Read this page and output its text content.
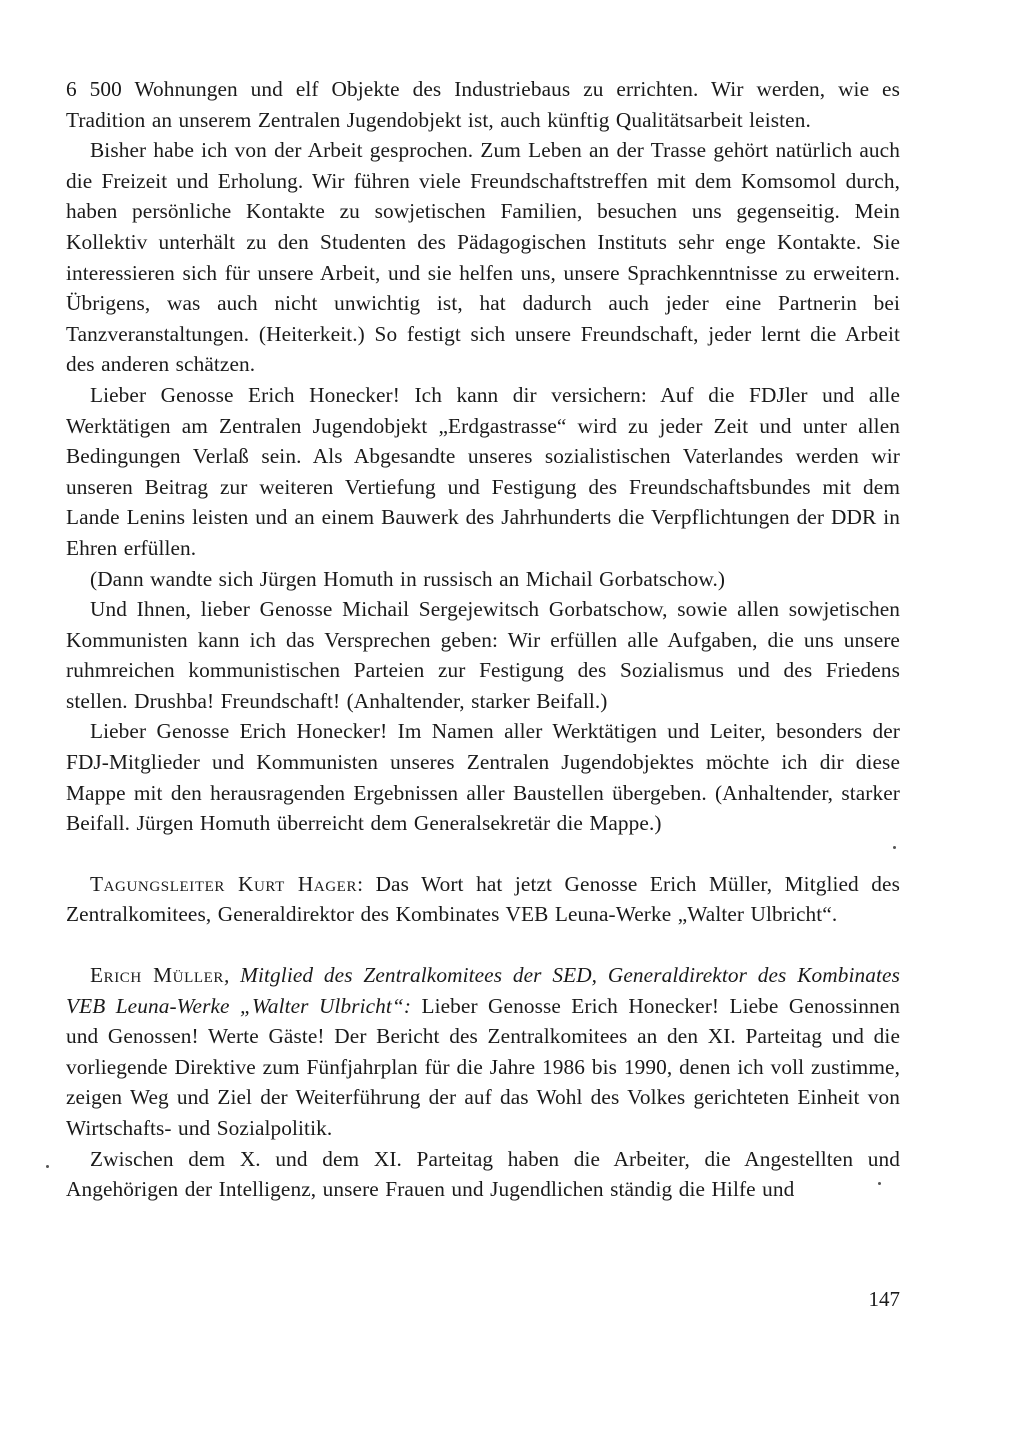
6 500 Wohnungen und elf Objekte des Industriebaus zu errichten. Wir werden, wie es Tradition an unserem Zentralen Jugendobjekt ist, auch künftig Qualitätsarbeit leisten.

Bisher habe ich von der Arbeit gesprochen. Zum Leben an der Trasse gehört natürlich auch die Freizeit und Erholung. Wir führen viele Freundschaftstreffen mit dem Komsomol durch, haben persönliche Kontakte zu sowjetischen Familien, besuchen uns gegenseitig. Mein Kollektiv unterhält zu den Studenten des Pädagogischen Instituts sehr enge Kontakte. Sie interessieren sich für unsere Arbeit, und sie helfen uns, unsere Sprachkenntnisse zu erweitern. Übrigens, was auch nicht unwichtig ist, hat dadurch auch jeder eine Partnerin bei Tanzveranstaltungen. (Heiterkeit.) So festigt sich unsere Freundschaft, jeder lernt die Arbeit des anderen schätzen.

Lieber Genosse Erich Honecker! Ich kann dir versichern: Auf die FDJler und alle Werktätigen am Zentralen Jugendobjekt „Erdgastrasse“ wird zu jeder Zeit und unter allen Bedingungen Verlaß sein. Als Abgesandte unseres sozialistischen Vaterlandes werden wir unseren Beitrag zur weiteren Vertiefung und Festigung des Freundschaftsbundes mit dem Lande Lenins leisten und an einem Bauwerk des Jahrhunderts die Verpflichtungen der DDR in Ehren erfüllen.

(Dann wandte sich Jürgen Homuth in russisch an Michail Gorbatschow.)

Und Ihnen, lieber Genosse Michail Sergejewitsch Gorbatschow, sowie allen sowjetischen Kommunisten kann ich das Versprechen geben: Wir erfüllen alle Aufgaben, die uns unsere ruhmreichen kommunistischen Parteien zur Festigung des Sozialismus und des Friedens stellen. Drushba! Freundschaft! (Anhaltender, starker Beifall.)

Lieber Genosse Erich Honecker! Im Namen aller Werktätigen und Leiter, besonders der FDJ-Mitglieder und Kommunisten unseres Zentralen Jugendobjektes möchte ich dir diese Mappe mit den herausragenden Ergebnissen aller Baustellen übergeben. (Anhaltender, starker Beifall. Jürgen Homuth überreicht dem Generalsekretär die Mappe.)

Tagungsleiter Kurt Hager: Das Wort hat jetzt Genosse Erich Müller, Mitglied des Zentralkomitees, Generaldirektor des Kombinates VEB Leuna-Werke „Walter Ulbricht“.

Erich Müller, Mitglied des Zentralkomitees der SED, Generaldirektor des Kombinates VEB Leuna-Werke „Walter Ulbricht“: Lieber Genosse Erich Honecker! Liebe Genossinnen und Genossen! Werte Gäste! Der Bericht des Zentralkomitees an den XI. Parteitag und die vorliegende Direktive zum Fünfjahrplan für die Jahre 1986 bis 1990, denen ich voll zustimme, zeigen Weg und Ziel der Weiterführung der auf das Wohl des Volkes gerichteten Einheit von Wirtschafts- und Sozialpolitik.

Zwischen dem X. und dem XI. Parteitag haben die Arbeiter, die Angestellten und Angehörigen der Intelligenz, unsere Frauen und Jugendlichen ständig die Hilfe und

147
